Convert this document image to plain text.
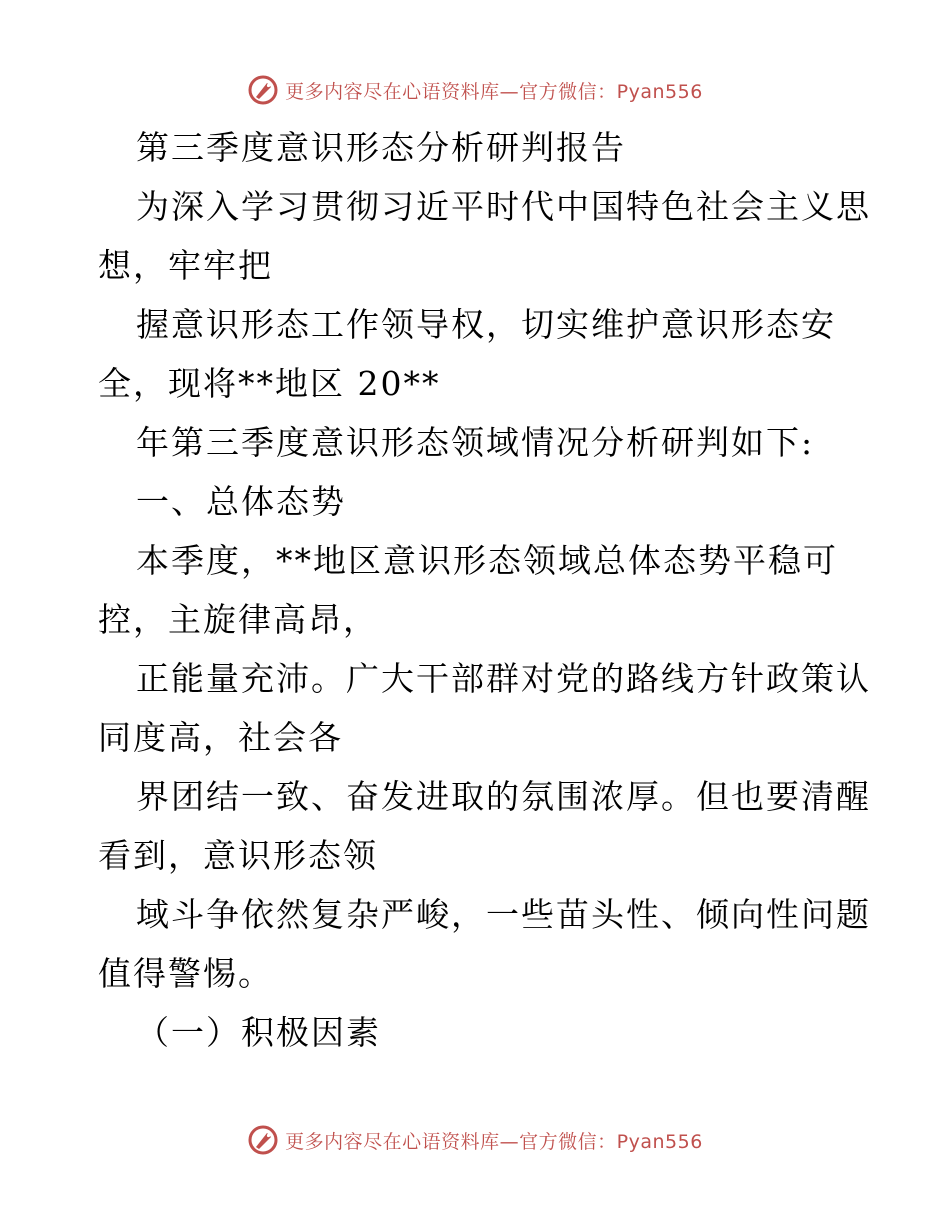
更多内容尽在心语资料库—官方微信：Pyan556
第三季度意识形态分析研判报告
为深入学习贯彻习近平时代中国特色社会主义思
想，牢牢把
握意识形态工作领导权，切实维护意识形态安
全，现将**地区 20**
年第三季度意识形态领域情况分析研判如下:
一、总体态势
本季度，**地区意识形态领域总体态势平稳可
控，主旋律高昂，
正能量充沛。广大干部群对党的路线方针政策认
同度高，社会各
界团结一致、奋发进取的氛围浓厚。但也要清醒
看到，意识形态领
域斗争依然复杂严峻，一些苗头性、倾向性问题
值得警惕。
（一）积极因素
更多内容尽在心语资料库—官方微信：Pyan556
